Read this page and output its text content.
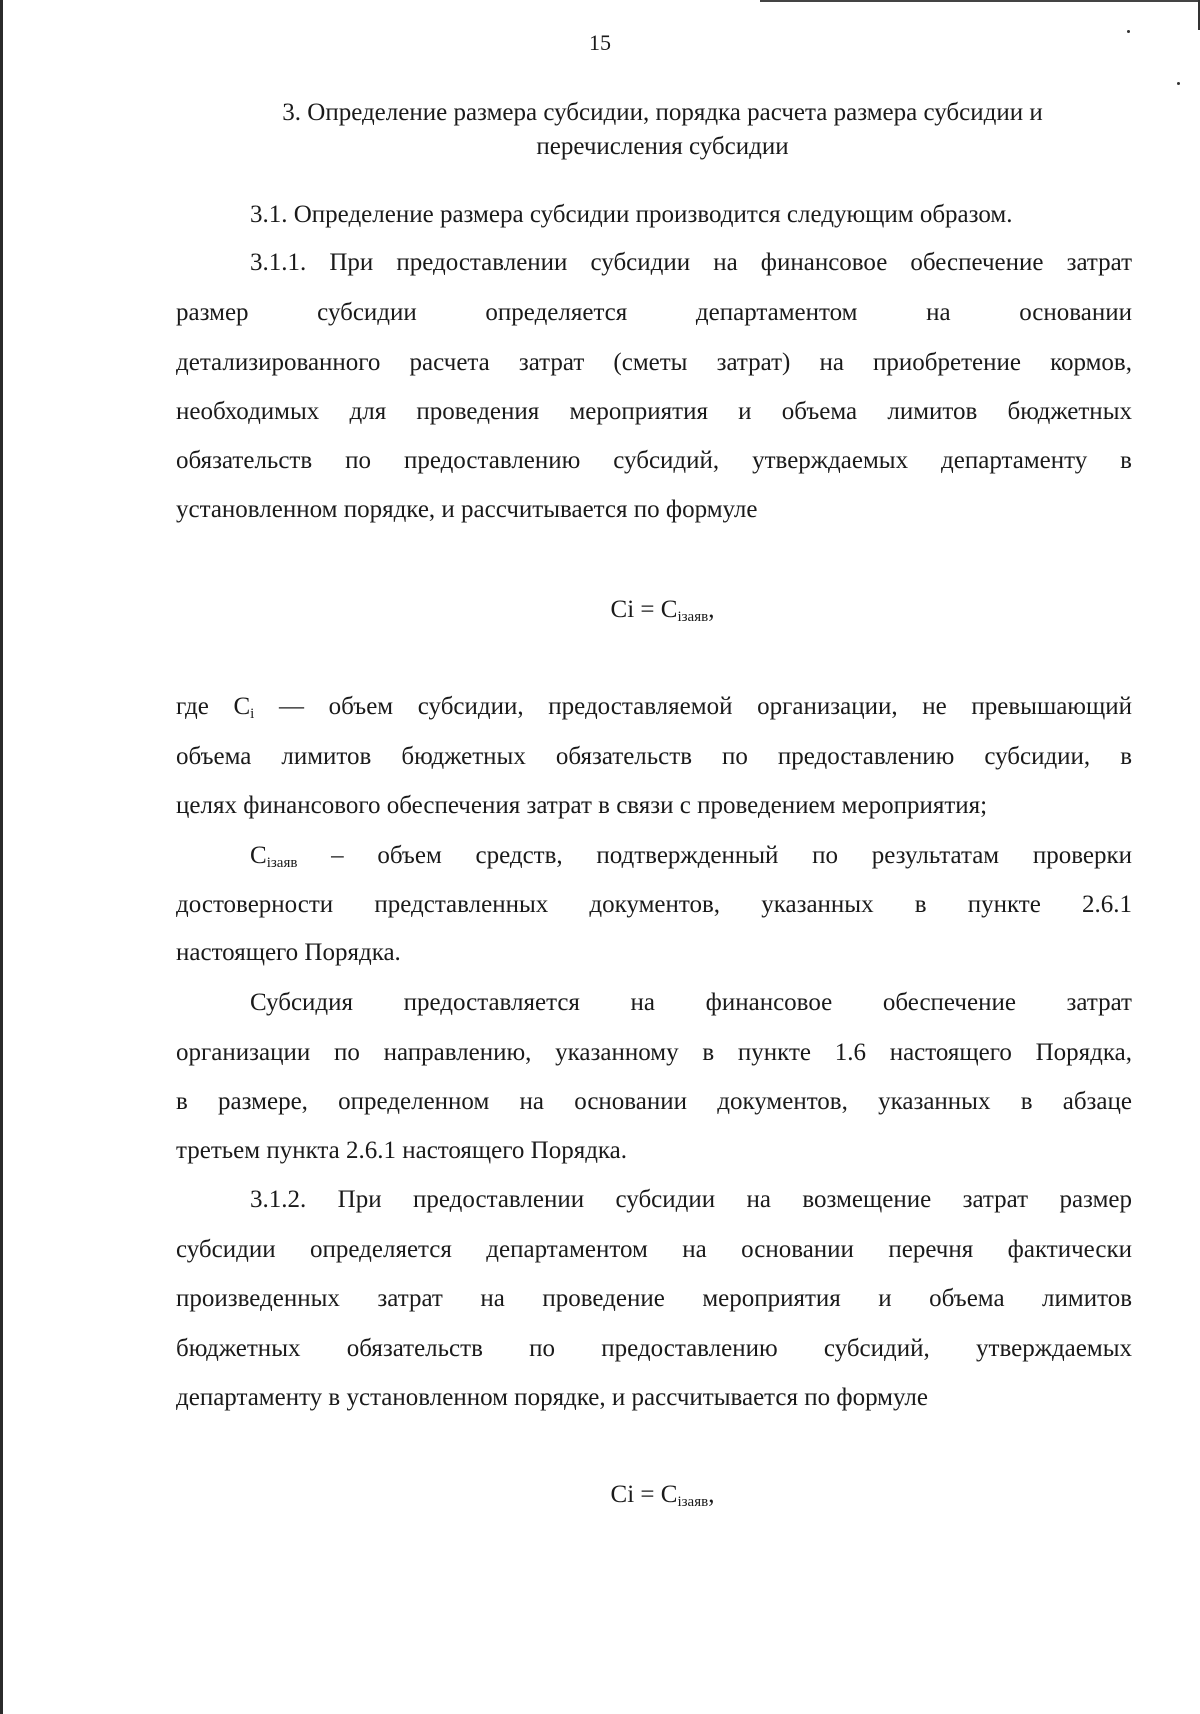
15
3. Определение размера субсидии, порядка расчета размера субсидии и
перечисления субсидии
3.1. Определение размера субсидии производится следующим образом.
3.1.1. При предоставлении субсидии на финансовое обеспечение затрат
размер субсидии определяется департаментом на основании
детализированного расчета затрат (сметы затрат) на приобретение кормов,
необходимых для проведения мероприятия и объема лимитов бюджетных
обязательств по предоставлению субсидий, утверждаемых департаменту в
установленном порядке, и рассчитывается по формуле
$Ci = C_{iзаяв}$,
где $C_i$ — объем субсидии, предоставляемой организации, не превышающий
объема лимитов бюджетных обязательств по предоставлению субсидии, в
целях финансового обеспечения затрат в связи с проведением мероприятия;
$C_{iзаяв}$ – объем средств, подтвержденный по результатам проверки
достоверности представленных документов, указанных в пункте 2.6.1
настоящего Порядка.
Субсидия предоставляется на финансовое обеспечение затрат
организации по направлению, указанному в пункте 1.6 настоящего Порядка,
в размере, определенном на основании документов, указанных в абзаце
третьем пункта 2.6.1 настоящего Порядка.
3.1.2. При предоставлении субсидии на возмещение затрат размер
субсидии определяется департаментом на основании перечня фактически
произведенных затрат на проведение мероприятия и объема лимитов
бюджетных обязательств по предоставлению субсидий, утверждаемых
департаменту в установленном порядке, и рассчитывается по формуле
$Ci = C_{iзаяв}$,
